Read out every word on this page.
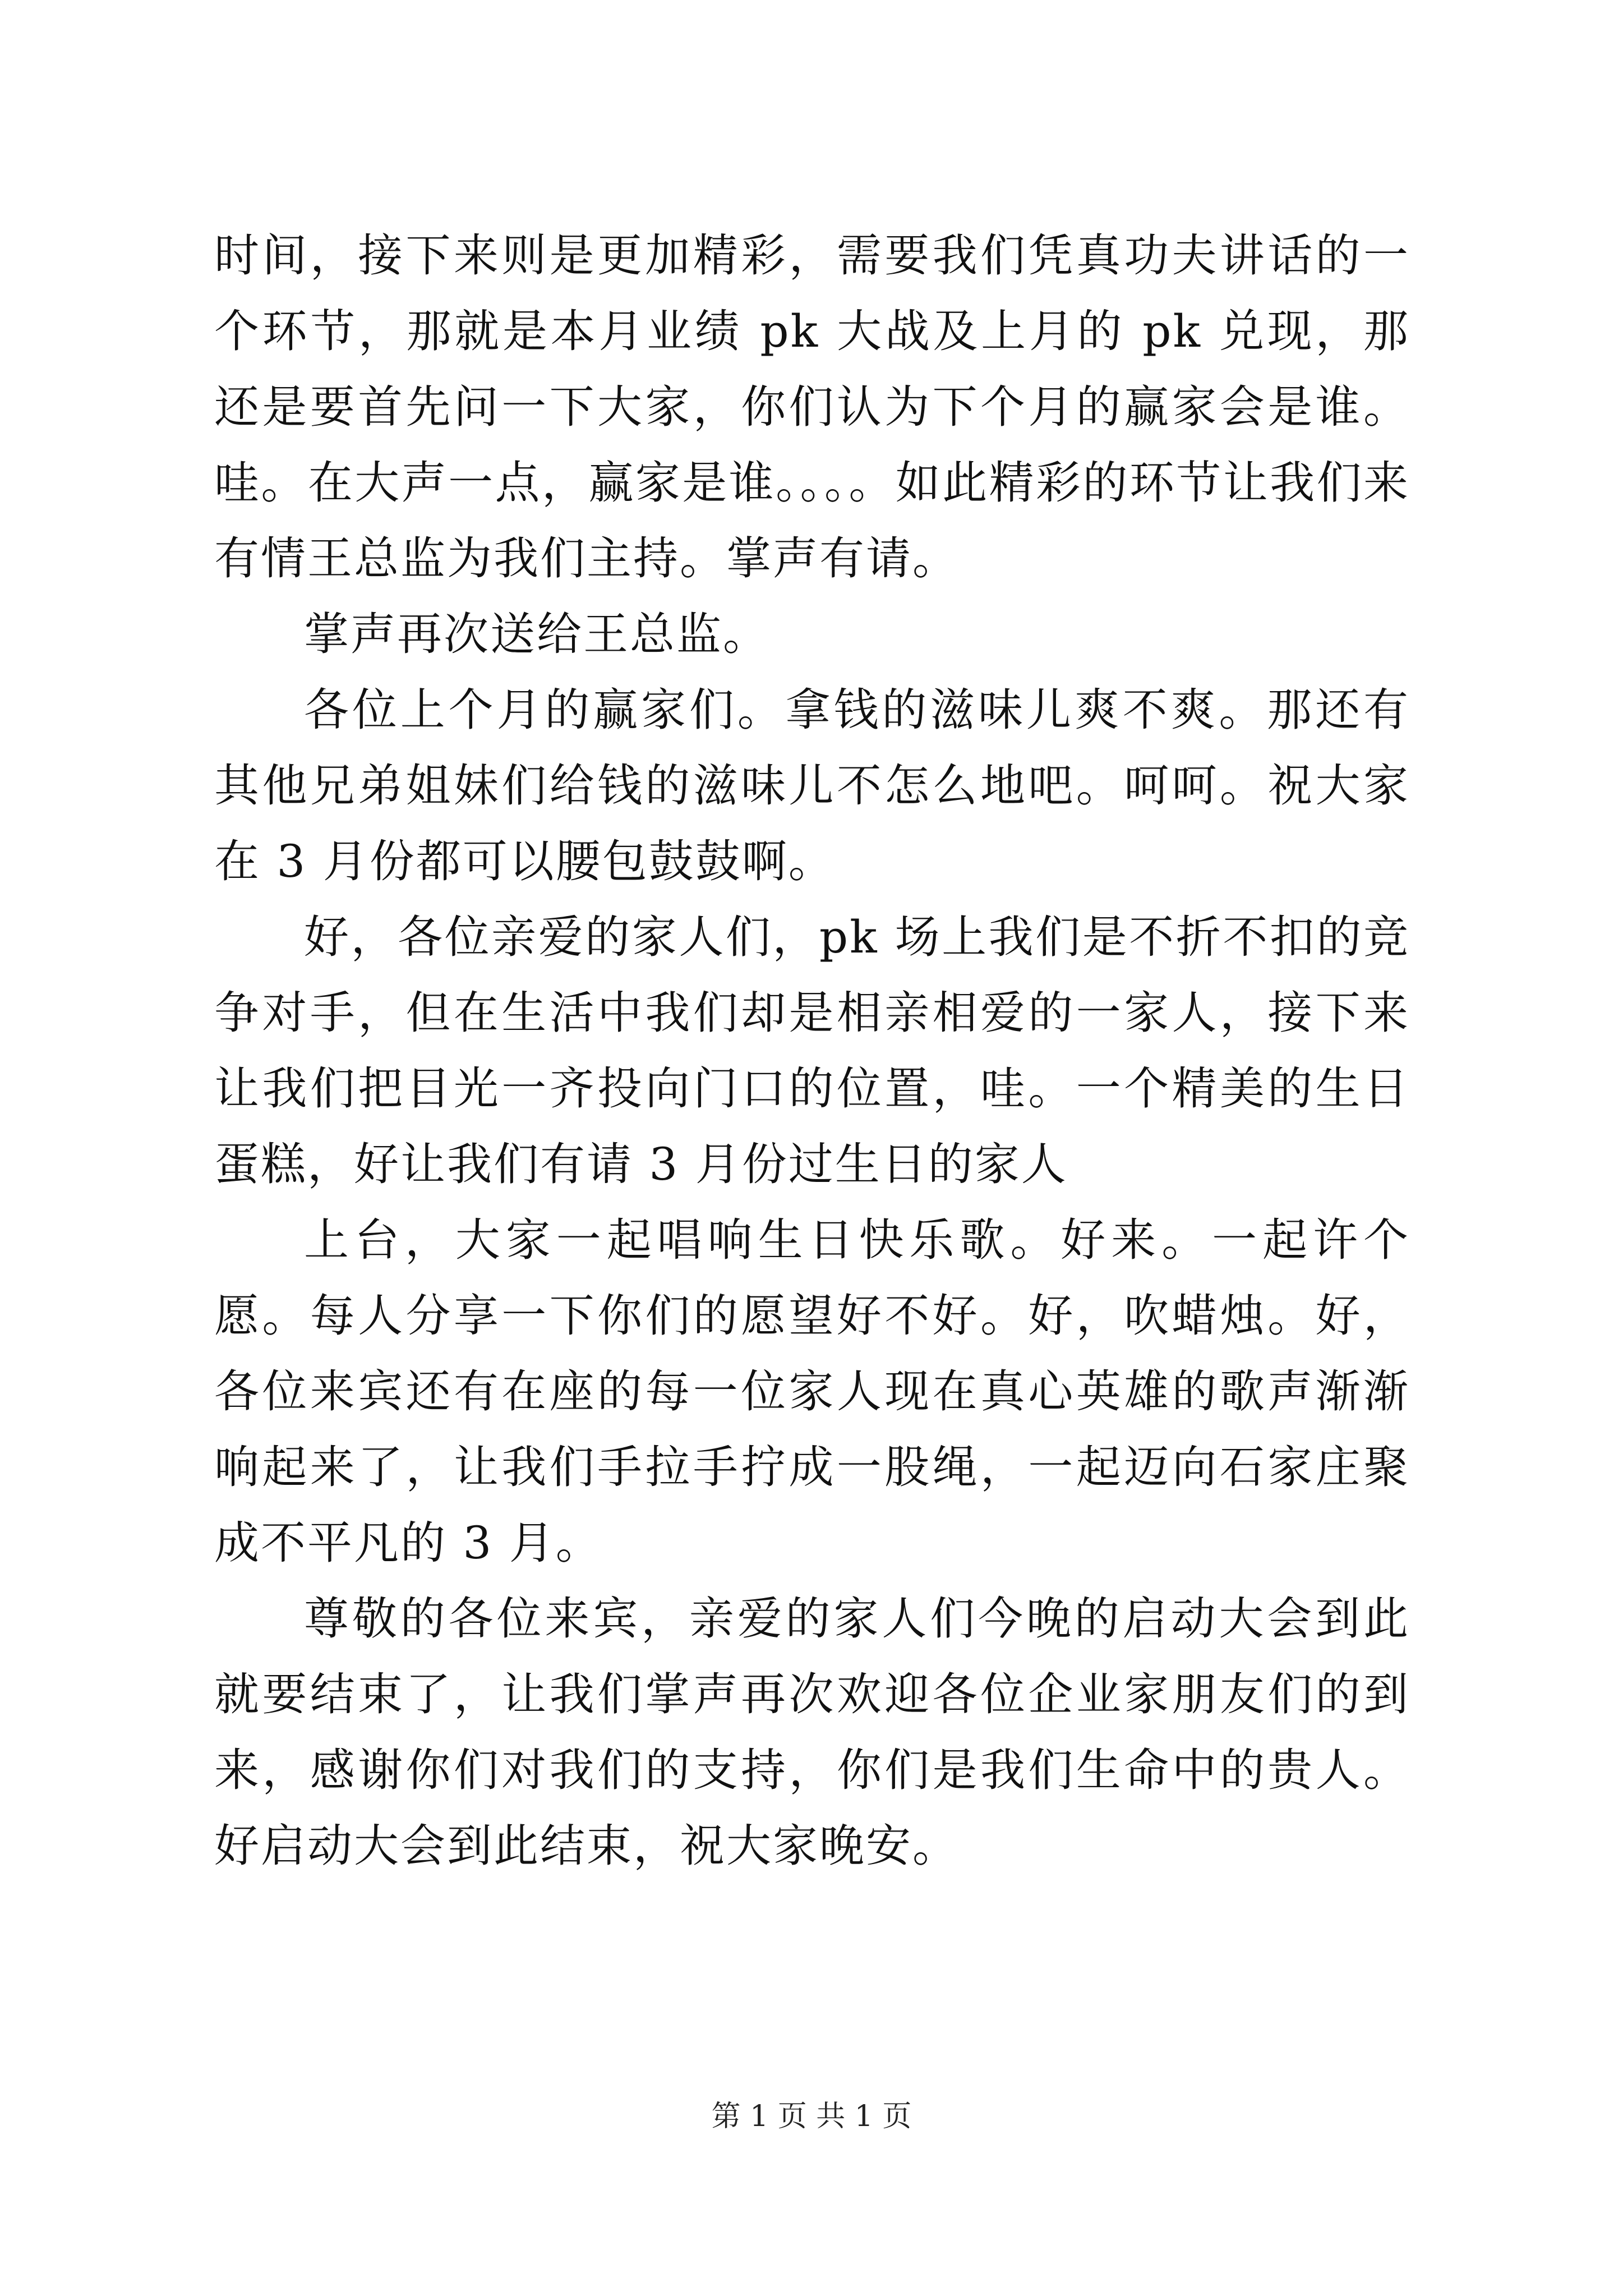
时间，接下来则是更加精彩，需要我们凭真功夫讲话的一个环节，那就是本月业绩 pk 大战及上月的 pk 兑现，那还是要首先问一下大家，你们认为下个月的赢家会是谁。哇。在大声一点，赢家是谁。。。。如此精彩的环节让我们来有情王总监为我们主持。掌声有请。

掌声再次送给王总监。

各位上个月的赢家们。拿钱的滋味儿爽不爽。那还有其他兄弟姐妹们给钱的滋味儿不怎么地吧。呵呵。祝大家在 3 月份都可以腰包鼓鼓啊。

好，各位亲爱的家人们，pk 场上我们是不折不扣的竞争对手，但在生活中我们却是相亲相爱的一家人，接下来让我们把目光一齐投向门口的位置，哇。一个精美的生日蛋糕，好让我们有请 3 月份过生日的家人

上台，大家一起唱响生日快乐歌。好来。一起许个愿。每人分享一下你们的愿望好不好。好，吹蜡烛。好，各位来宾还有在座的每一位家人现在真心英雄的歌声渐渐响起来了，让我们手拉手拧成一股绳，一起迈向石家庄聚成不平凡的 3 月。

尊敬的各位来宾，亲爱的家人们今晚的启动大会到此就要结束了，让我们掌声再次欢迎各位企业家朋友们的到来，感谢你们对我们的支持，你们是我们生命中的贵人。好启动大会到此结束，祝大家晚安。

第 1 页 共 1 页
